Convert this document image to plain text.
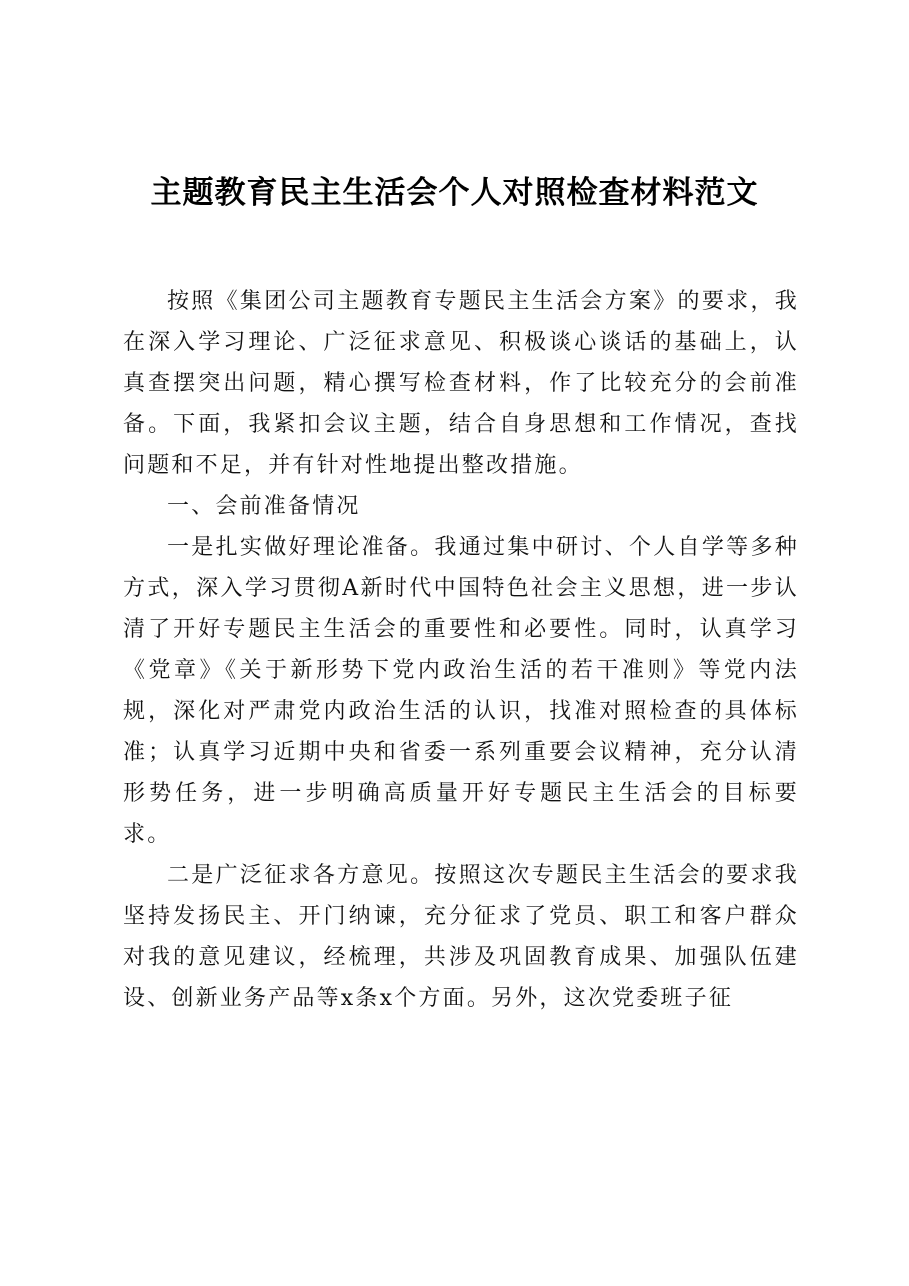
主题教育民主生活会个人对照检查材料范文

按照《集团公司主题教育专题民主生活会方案》的要求，我在深入学习理论、广泛征求意见、积极谈心谈话的基础上，认真查摆突出问题，精心撰写检查材料，作了比较充分的会前准备。下面，我紧扣会议主题，结合自身思想和工作情况，查找问题和不足，并有针对性地提出整改措施。

一、会前准备情况

一是扎实做好理论准备。我通过集中研讨、个人自学等多种方式，深入学习贯彻A新时代中国特色社会主义思想，进一步认清了开好专题民主生活会的重要性和必要性。同时，认真学习《党章》《关于新形势下党内政治生活的若干准则》等党内法规，深化对严肃党内政治生活的认识，找准对照检查的具体标准；认真学习近期中央和省委一系列重要会议精神，充分认清形势任务，进一步明确高质量开好专题民主生活会的目标要求。

二是广泛征求各方意见。按照这次专题民主生活会的要求我坚持发扬民主、开门纳谏，充分征求了党员、职工和客户群众对我的意见建议，经梳理，共涉及巩固教育成果、加强队伍建设、创新业务产品等x条x个方面。另外，这次党委班子征
